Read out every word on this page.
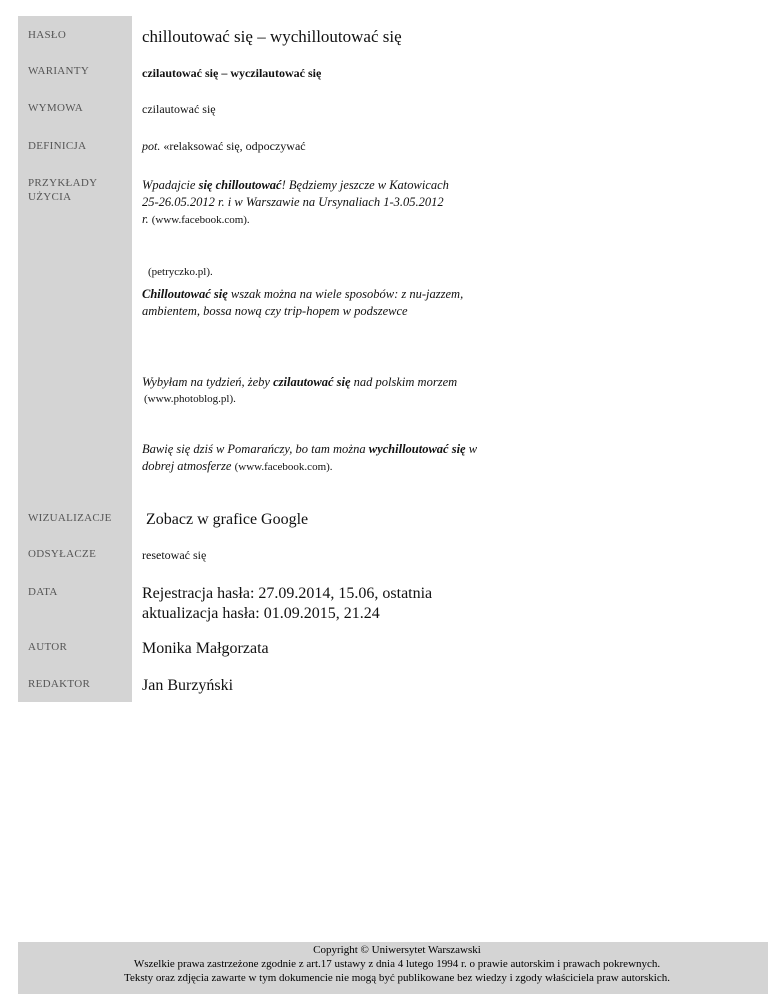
HASŁO
WARIANTY
WYMOWA
DEFINICJA
PRZYKŁADY
UŻYCIA
WIZUALIZACJE
ODSYŁACZE
DATA
AUTOR
REDAKTOR
chilloutować się – wychilloutować się
czilautować się – wyczilautować się
czilautować się
pot. «relaksować się, odpoczywać
Wpadajcie się chilloutować! Będziemy jeszcze w Katowicach
25-26.05.2012 r. i w Warszawie na Ursynaliach 1-3.05.2012
r. (www.facebook.com).
(petryczko.pl).
Chilloutować się wszak można na wiele sposobów: z nu-jazzem,
ambientem, bossa nową czy trip-hopem w podszewce
Wybyłam na tydzień, żeby czilautować się nad polskim morzem
(www.photoblog.pl).
Bawię się dziś w Pomarańczy, bo tam można wychilloutować się w
dobrej atmosferze (www.facebook.com).
Zobacz w grafice Google
resetować się
Rejestracja hasła: 27.09.2014, 15.06, ostatnia
aktualizacja hasła: 01.09.2015, 21.24
Monika Małgorzata
Jan Burzyński
Copyright © Uniwersytet Warszawski
Wszelkie prawa zastrzeżone zgodnie z art.17 ustawy z dnia 4 lutego 1994 r. o prawie autorskim i prawach pokrewnych.
Teksty oraz zdjęcia zawarte w tym dokumencie nie mogą być publikowane bez wiedzy i zgody właściciela praw autorskich.
